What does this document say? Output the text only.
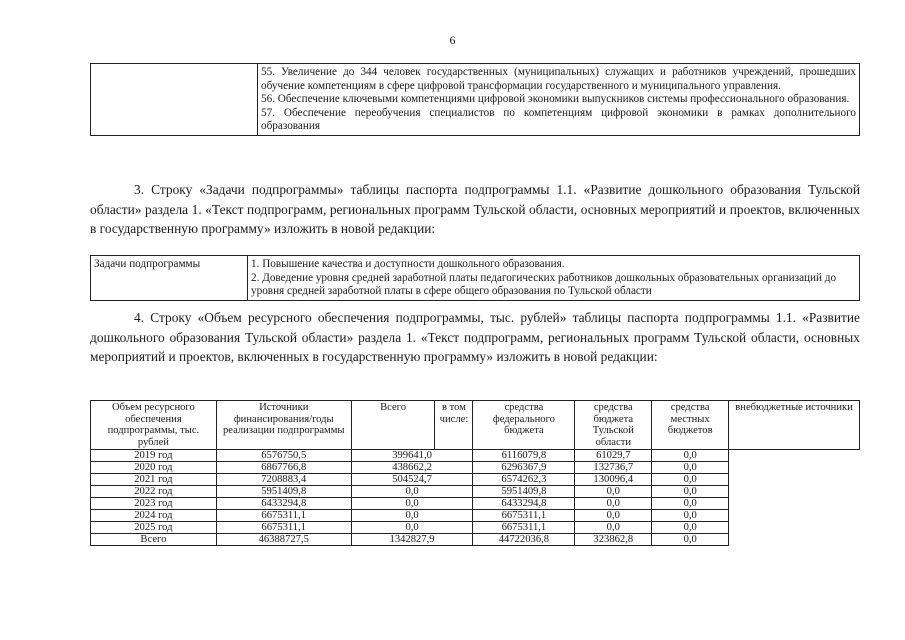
6

55. Увеличение до 344 человек государственных (муниципальных) служащих и работников учреждений, прошедших обучение компетенциям в сфере цифровой трансформации государственного и муниципального управления.
56. Обеспечение ключевыми компетенциями цифровой экономики выпускников системы профессионального образования.
57. Обеспечение переобучения специалистов по компетенциям цифровой экономики в рамках дополнительного образования

3. Строку «Задачи подпрограммы» таблицы паспорта подпрограммы 1.1. «Развитие дошкольного образования Тульской области» раздела 1. «Текст подпрограмм, региональных программ Тульской области, основных мероприятий и проектов, включенных в государственную программу» изложить в новой редакции:

Задачи подпрограммы	1. Повышение качества и доступности дошкольного образования.
2. Доведение уровня средней заработной платы педагогических работников дошкольных образовательных организаций до уровня средней заработной платы в сфере общего образования по Тульской области

4. Строку «Объем ресурсного обеспечения подпрограммы, тыс. рублей» таблицы паспорта подпрограммы 1.1. «Развитие дошкольного образования Тульской области» раздела 1. «Текст подпрограмм, региональных программ Тульской области, основных мероприятий и проектов, включенных в государственную программу» изложить в новой редакции:

Объем ресурсного обеспечения подпрограммы, тыс. рублей	Источники финансирования/годы реализации подпрограммы	Всего	в том числе:	средства федерального бюджета	средства бюджета Тульской области	средства местных бюджетов	внебюджетные источники
2019 год	6576750,5	399641,0		6116079,8	61029,7	0,0	
2020 год	6867766,8	438662,2		6296367,9	132736,7	0,0	
2021 год	7208883,4	504524,7		6574262,3	130096,4	0,0	
2022 год	5951409,8	0,0		5951409,8	0,0	0,0	
2023 год	6433294,8	0,0		6433294,8	0,0	0,0	
2024 год	6675311,1	0,0		6675311,1	0,0	0,0	
2025 год	6675311,1	0,0		6675311,1	0,0	0,0	
Всего	46388727,5	1342827,9		44722036,8	323862,8	0,0	
